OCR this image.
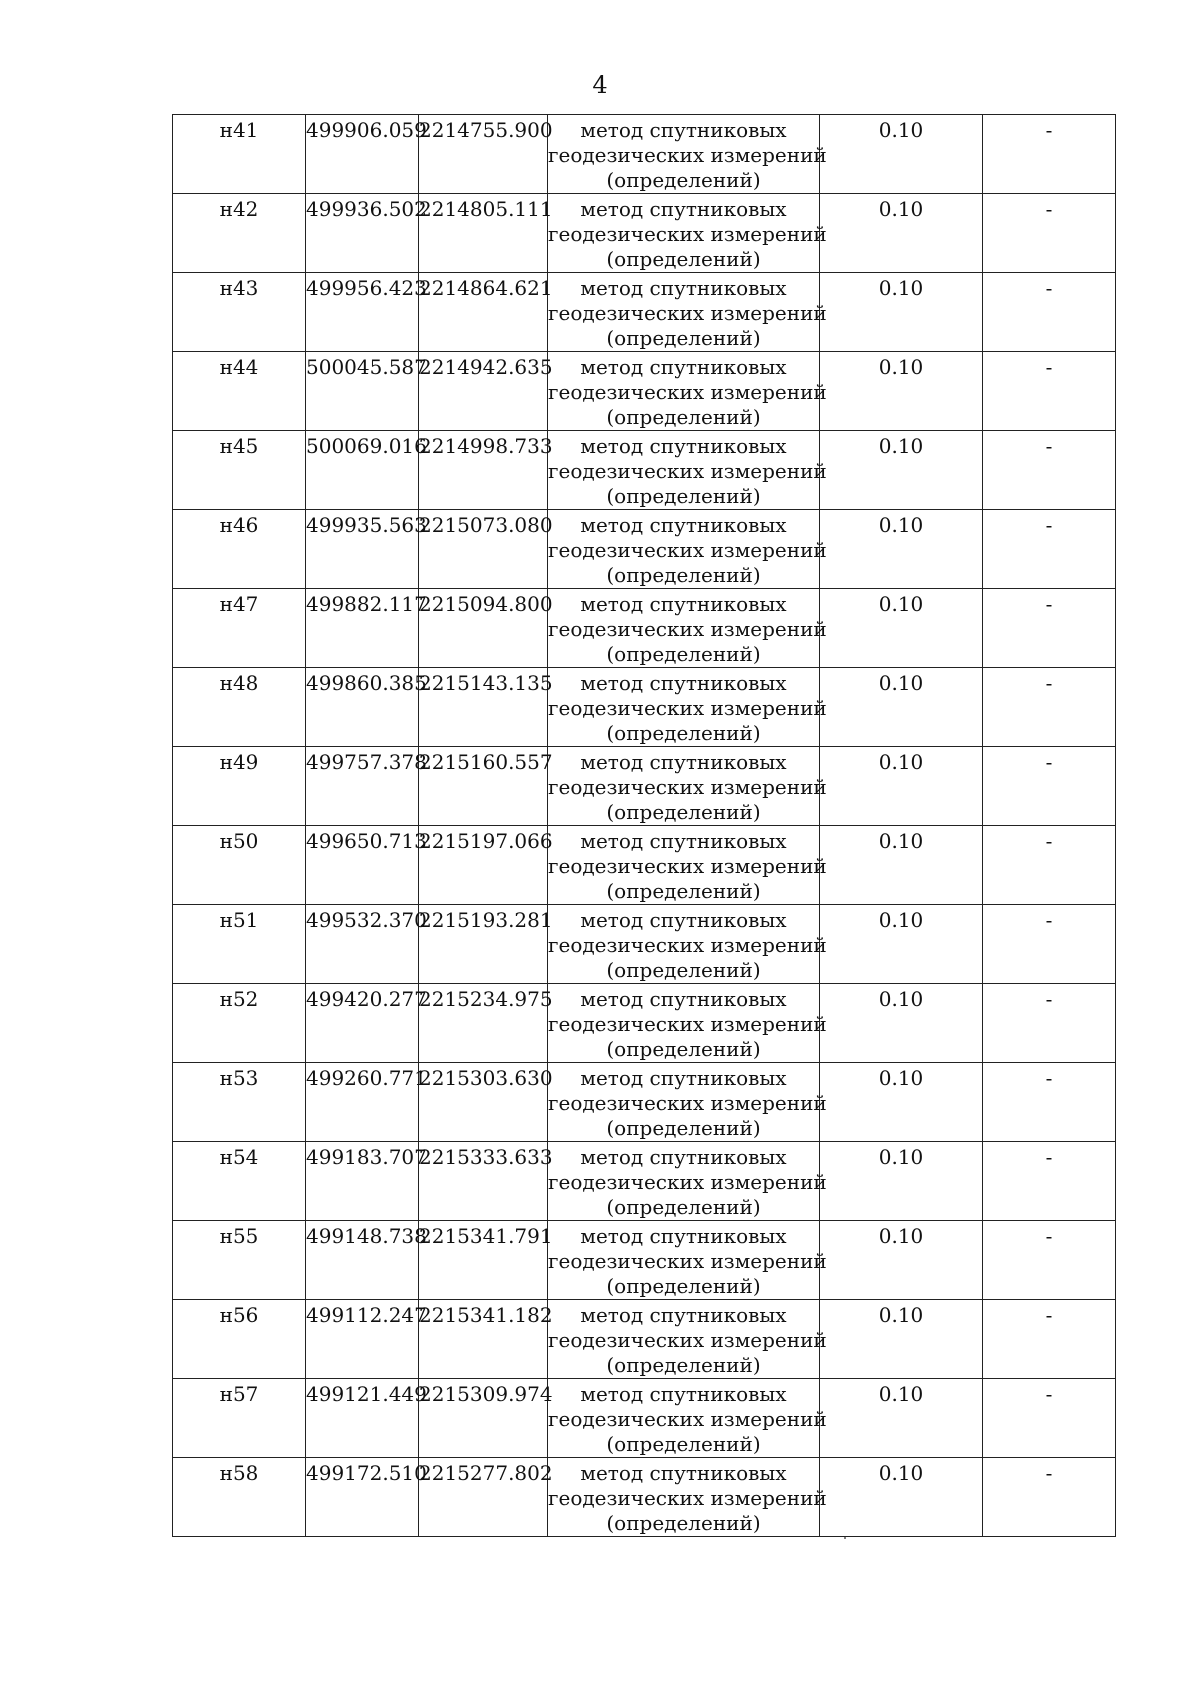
4
н41	499906.059	2214755.900	метод спутниковых
геодезических измерений
(определений)	0.10	-
н42	499936.502	2214805.111	метод спутниковых
геодезических измерений
(определений)	0.10	-
н43	499956.423	2214864.621	метод спутниковых
геодезических измерений
(определений)	0.10	-
н44	500045.587	2214942.635	метод спутниковых
геодезических измерений
(определений)	0.10	-
н45	500069.016	2214998.733	метод спутниковых
геодезических измерений
(определений)	0.10	-
н46	499935.563	2215073.080	метод спутниковых
геодезических измерений
(определений)	0.10	-
н47	499882.117	2215094.800	метод спутниковых
геодезических измерений
(определений)	0.10	-
н48	499860.385	2215143.135	метод спутниковых
геодезических измерений
(определений)	0.10	-
н49	499757.378	2215160.557	метод спутниковых
геодезических измерений
(определений)	0.10	-
н50	499650.713	2215197.066	метод спутниковых
геодезических измерений
(определений)	0.10	-
н51	499532.370	2215193.281	метод спутниковых
геодезических измерений
(определений)	0.10	-
н52	499420.277	2215234.975	метод спутниковых
геодезических измерений
(определений)	0.10	-
н53	499260.771	2215303.630	метод спутниковых
геодезических измерений
(определений)	0.10	-
н54	499183.707	2215333.633	метод спутниковых
геодезических измерений
(определений)	0.10	-
н55	499148.738	2215341.791	метод спутниковых
геодезических измерений
(определений)	0.10	-
н56	499112.247	2215341.182	метод спутниковых
геодезических измерений
(определений)	0.10	-
н57	499121.449	2215309.974	метод спутниковых
геодезических измерений
(определений)	0.10	-
н58	499172.510	2215277.802	метод спутниковых
геодезических измерений
(определений)	0.10	-
